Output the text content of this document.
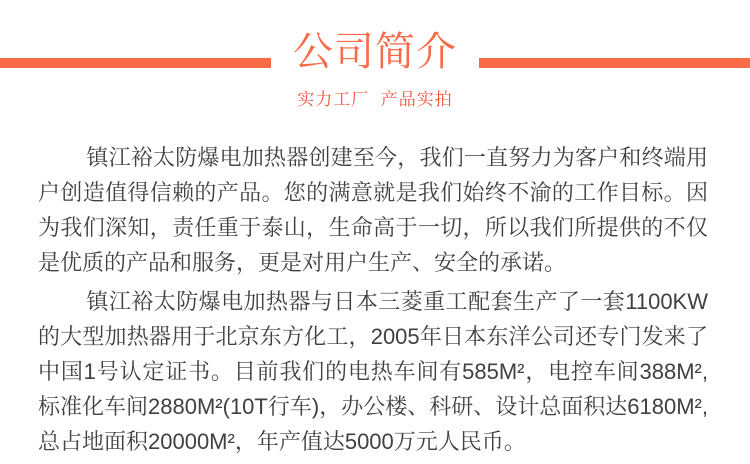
公司简介
实力工厂  产品实拍

镇江裕太防爆电加热器创建至今，我们一直努力为客户和终端用户创造值得信赖的产品。您的满意就是我们始终不渝的工作目标。因为我们深知，责任重于泰山，生命高于一切，所以我们所提供的不仅是优质的产品和服务，更是对用户生产、安全的承诺。

镇江裕太防爆电加热器与日本三菱重工配套生产了一套1100KW的大型加热器用于北京东方化工，2005年日本东洋公司还专门发来了中国1号认定证书。目前我们的电热车间有585M²，电控车间388M²,标准化车间2880M²(10T行车)，办公楼、科研、设计总面积达6180M²,总占地面积20000M²，年产值达5000万元人民币。
